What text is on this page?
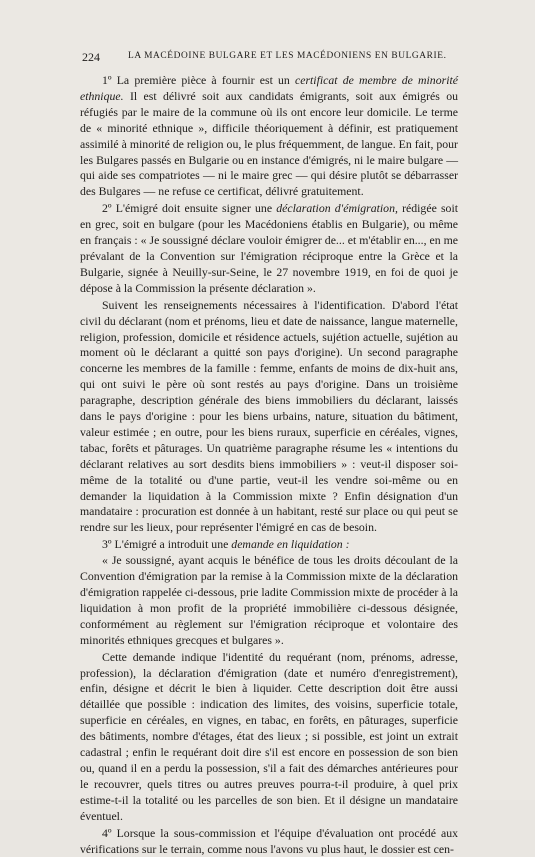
224	LA MACÉDOINE BULGARE ET LES MACÉDONIENS EN BULGARIE.

1º La première pièce à fournir est un certificat de membre de minorité ethnique. Il est délivré soit aux candidats émigrants, soit aux émigrés ou réfugiés par le maire de la commune où ils ont encore leur domicile. Le terme de « minorité ethnique », difficile théoriquement à définir, est pratiquement assimilé à minorité de religion ou, le plus fréquemment, de langue. En fait, pour les Bulgares passés en Bulgarie ou en instance d'émigrés, ni le maire bulgare — qui aide ses compatriotes — ni le maire grec — qui désire plutôt se débarrasser des Bulgares — ne refuse ce certificat, délivré gratuitement.

2º L'émigré doit ensuite signer une déclaration d'émigration, rédigée soit en grec, soit en bulgare (pour les Macédoniens établis en Bulgarie), ou même en français : « Je soussigné déclare vouloir émigrer de... et m'établir en..., en me prévalant de la Convention sur l'émigration réciproque entre la Grèce et la Bulgarie, signée à Neuilly-sur-Seine, le 27 novembre 1919, en foi de quoi je dépose à la Commission la présente déclaration ».

Suivent les renseignements nécessaires à l'identification. D'abord l'état civil du déclarant (nom et prénoms, lieu et date de naissance, langue maternelle, religion, profession, domicile et résidence actuels, sujétion actuelle, sujétion au moment où le déclarant a quitté son pays d'origine). Un second paragraphe concerne les membres de la famille : femme, enfants de moins de dix-huit ans, qui ont suivi le père où sont restés au pays d'origine. Dans un troisième paragraphe, description générale des biens immobiliers du déclarant, laissés dans le pays d'origine : pour les biens urbains, nature, situation du bâtiment, valeur estimée ; en outre, pour les biens ruraux, superficie en céréales, vignes, tabac, forêts et pâturages. Un quatrième paragraphe résume les « intentions du déclarant relatives au sort desdits biens immobiliers » : veut-il disposer soi-même de la totalité ou d'une partie, veut-il les vendre soi-même ou en demander la liquidation à la Commission mixte ? Enfin désignation d'un mandataire : procuration est donnée à un habitant, resté sur place ou qui peut se rendre sur les lieux, pour représenter l'émigré en cas de besoin.

3º L'émigré a introduit une demande en liquidation :

« Je soussigné, ayant acquis le bénéfice de tous les droits découlant de la Convention d'émigration par la remise à la Commission mixte de la déclaration d'émigration rappelée ci-dessous, prie ladite Commission mixte de procéder à la liquidation à mon profit de la propriété immobilière ci-dessous désignée, conformément au règlement sur l'émigration réciproque et volontaire des minorités ethniques grecques et bulgares ».

Cette demande indique l'identité du requérant (nom, prénoms, adresse, profession), la déclaration d'émigration (date et numéro d'enregistrement), enfin, désigne et décrit le bien à liquider. Cette description doit être aussi détaillée que possible : indication des limites, des voisins, superficie totale, superficie en céréales, en vignes, en tabac, en forêts, en pâturages, superficie des bâtiments, nombre d'étages, état des lieux ; si possible, est joint un extrait cadastral ; enfin le requérant doit dire s'il est encore en possession de son bien ou, quand il en a perdu la possession, s'il a fait des démarches antérieures pour le recouvrer, quels titres ou autres preuves pourra-t-il produire, à quel prix estime-t-il la totalité ou les parcelles de son bien. Et il désigne un mandataire éventuel.

4º Lorsque la sous-commission et l'équipe d'évaluation ont procédé aux vérifications sur le terrain, comme nous l'avons vu plus haut, le dossier est cen-
